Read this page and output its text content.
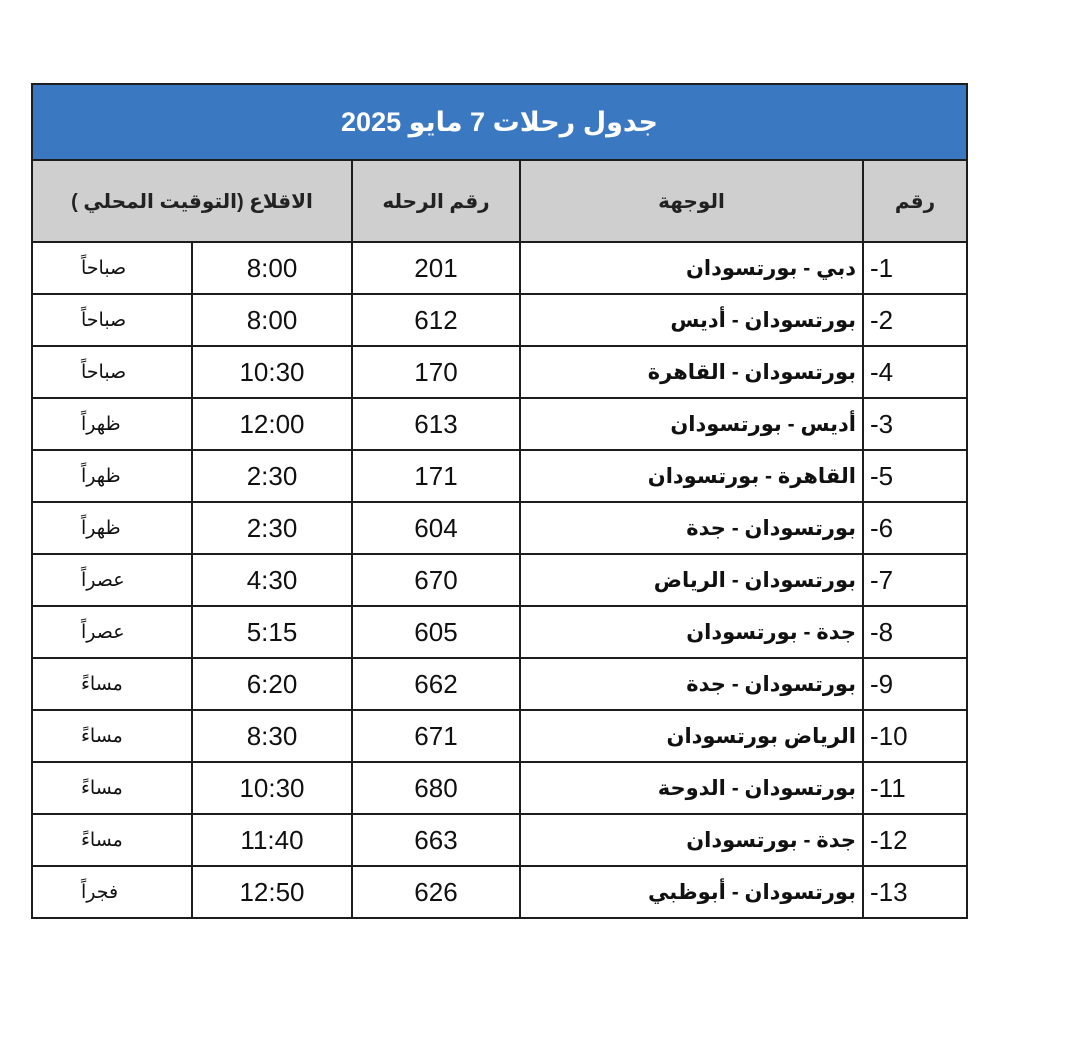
جدول رحلات 7 مايو 2025
رقم	الوجهة	رقم الرحله	الاقلاع (التوقيت المحلي )	
-1	دبي - بورتسودان	201	8:00	صباحاً
-2	بورتسودان - أديس	612	8:00	صباحاً
-4	بورتسودان - القاهرة	170	10:30	صباحاً
-3	أديس - بورتسودان	613	12:00	ظهراً
-5	القاهرة - بورتسودان	171	2:30	ظهراً
-6	بورتسودان - جدة	604	2:30	ظهراً
-7	بورتسودان - الرياض	670	4:30	عصراً
-8	جدة - بورتسودان	605	5:15	عصراً
-9	بورتسودان - جدة	662	6:20	مساءً
-10	الرياض بورتسودان	671	8:30	مساءً
-11	بورتسودان - الدوحة	680	10:30	مساءً
-12	جدة - بورتسودان	663	11:40	مساءً
-13	بورتسودان - أبوظبي	626	12:50	فجراً
